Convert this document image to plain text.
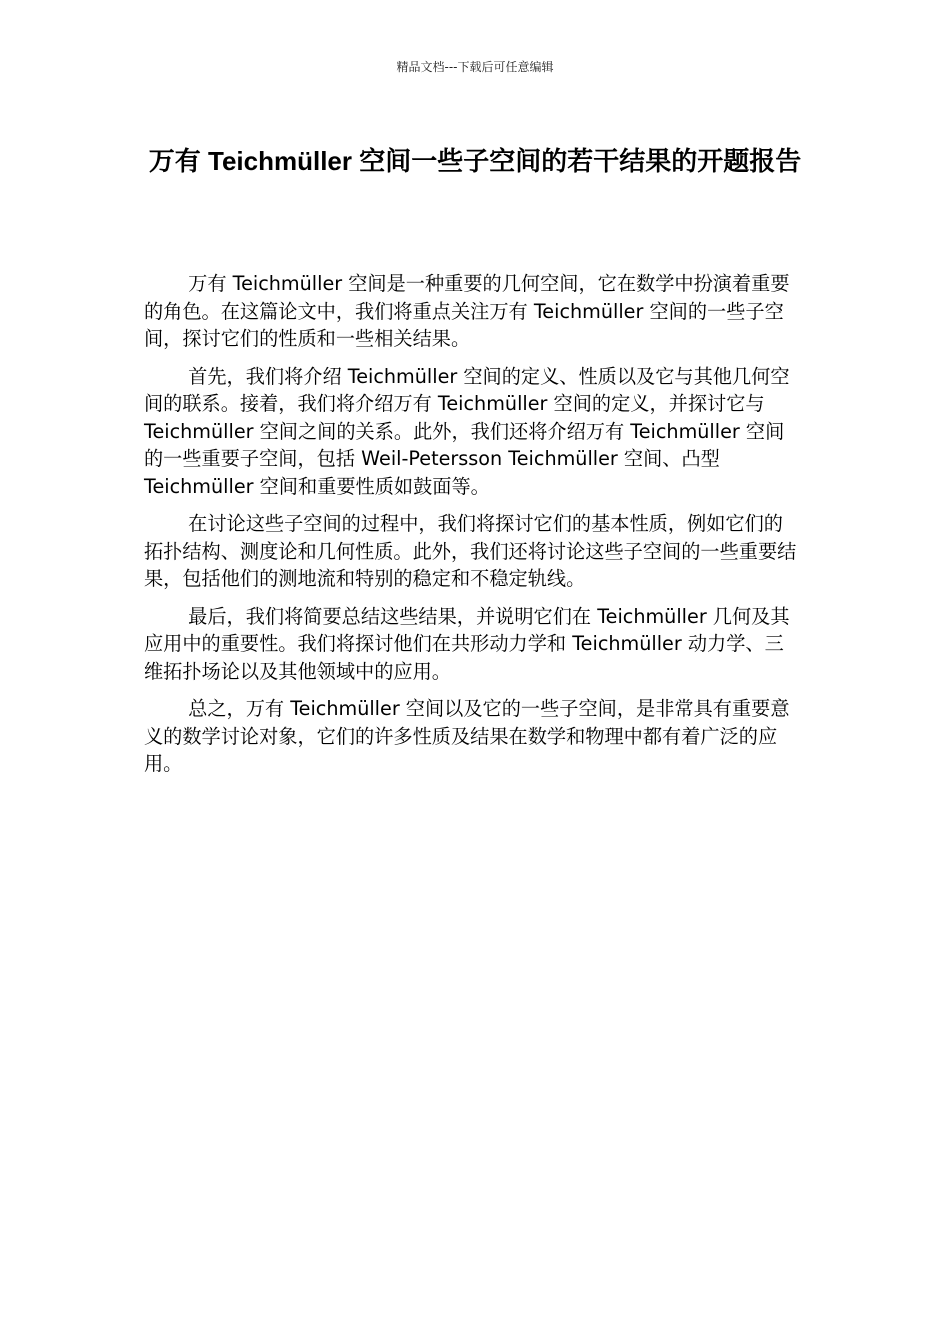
精品文档---下载后可任意编辑
万有 Teichmüller 空间一些子空间的若干结果的开题报告

万有 Teichmüller 空间是一种重要的几何空间，它在数学中扮演着重要的角色。在这篇论文中，我们将重点关注万有 Teichmüller 空间的一些子空间，探讨它们的性质和一些相关结果。

首先，我们将介绍 Teichmüller 空间的定义、性质以及它与其他几何空间的联系。接着，我们将介绍万有 Teichmüller 空间的定义，并探讨它与 Teichmüller 空间之间的关系。此外，我们还将介绍万有 Teichmüller 空间的一些重要子空间，包括 Weil-Petersson Teichmüller 空间、凸型 Teichmüller 空间和重要性质如鼓面等。

在讨论这些子空间的过程中，我们将探讨它们的基本性质，例如它们的拓扑结构、测度论和几何性质。此外，我们还将讨论这些子空间的一些重要结果，包括他们的测地流和特别的稳定和不稳定轨线。

最后，我们将简要总结这些结果，并说明它们在 Teichmüller 几何及其应用中的重要性。我们将探讨他们在共形动力学和 Teichmüller 动力学、三维拓扑场论以及其他领域中的应用。

总之，万有 Teichmüller 空间以及它的一些子空间，是非常具有重要意义的数学讨论对象，它们的许多性质及结果在数学和物理中都有着广泛的应用。
